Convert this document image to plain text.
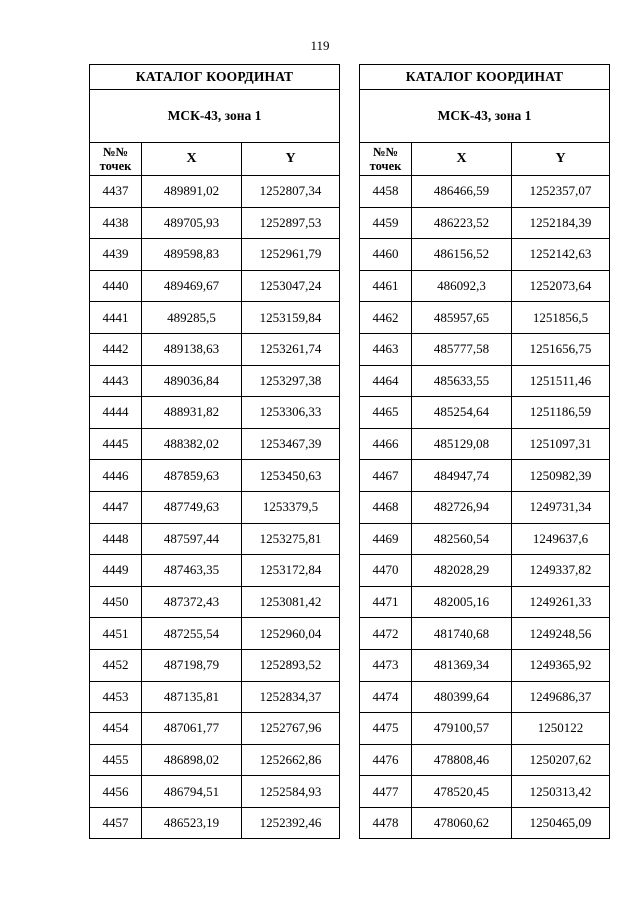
119
КАТАЛОГ КООРДИНАТ		
МСК-43, зона 1		
№№
точек	X	Y
4437	489891,02	1252807,34
4438	489705,93	1252897,53
4439	489598,83	1252961,79
4440	489469,67	1253047,24
4441	489285,5	1253159,84
4442	489138,63	1253261,74
4443	489036,84	1253297,38
4444	488931,82	1253306,33
4445	488382,02	1253467,39
4446	487859,63	1253450,63
4447	487749,63	1253379,5
4448	487597,44	1253275,81
4449	487463,35	1253172,84
4450	487372,43	1253081,42
4451	487255,54	1252960,04
4452	487198,79	1252893,52
4453	487135,81	1252834,37
4454	487061,77	1252767,96
4455	486898,02	1252662,86
4456	486794,51	1252584,93
4457	486523,19	1252392,46
КАТАЛОГ КООРДИНАТ		
МСК-43, зона 1		
№№
точек	X	Y
4458	486466,59	1252357,07
4459	486223,52	1252184,39
4460	486156,52	1252142,63
4461	486092,3	1252073,64
4462	485957,65	1251856,5
4463	485777,58	1251656,75
4464	485633,55	1251511,46
4465	485254,64	1251186,59
4466	485129,08	1251097,31
4467	484947,74	1250982,39
4468	482726,94	1249731,34
4469	482560,54	1249637,6
4470	482028,29	1249337,82
4471	482005,16	1249261,33
4472	481740,68	1249248,56
4473	481369,34	1249365,92
4474	480399,64	1249686,37
4475	479100,57	1250122
4476	478808,46	1250207,62
4477	478520,45	1250313,42
4478	478060,62	1250465,09
